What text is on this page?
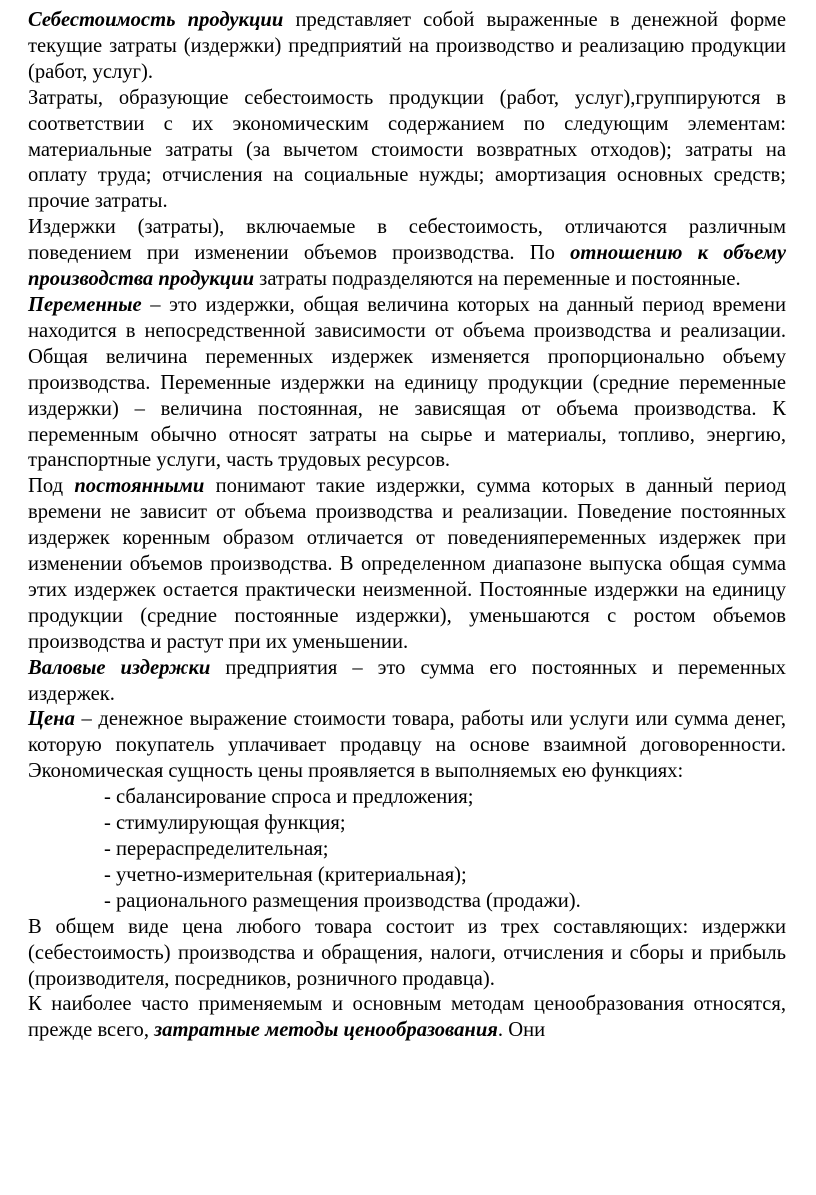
Себестоимость продукции представляет собой выраженные в денежной форме текущие затраты (издержки) предприятий на производство и реализацию продукции (работ, услуг).

Затраты, образующие себестоимость продукции (работ, услуг),группируются в соответствии с их экономическим содержанием по следующим элементам: материальные затраты (за вычетом стоимости возвратных отходов); затраты на оплату труда; отчисления на социальные нужды; амортизация основных средств; прочие затраты.

Издержки (затраты), включаемые в себестоимость, отличаются различным поведением при изменении объемов производства. По отношению к объему производства продукции затраты подразделяются на переменные и постоянные.

Переменные – это издержки, общая величина которых на данный период времени находится в непосредственной зависимости от объема производства и реализации. Общая величина переменных издержек изменяется пропорционально объему производства. Переменные издержки на единицу продукции (средние переменные издержки) – величина постоянная, не зависящая от объема производства. К переменным обычно относят затраты на сырье и материалы, топливо, энергию, транспортные услуги, часть трудовых ресурсов.

Под постоянными понимают такие издержки, сумма которых в данный период времени не зависит от объема производства и реализации. Поведение постоянных издержек коренным образом отличается от поведенияпеременных издержек при изменении объемов производства. В определенном диапазоне выпуска общая сумма этих издержек остается практически неизменной. Постоянные издержки на единицу продукции (средние постоянные издержки), уменьшаются с ростом объемов производства и растут при их уменьшении.

Валовые издержки предприятия – это сумма его постоянных и переменных издержек.

Цена – денежное выражение стоимости товара, работы или услуги или сумма денег, которую покупатель уплачивает продавцу на основе взаимной договоренности. Экономическая сущность цены проявляется в выполняемых ею функциях:

- сбалансирование спроса и предложения;
- стимулирующая функция;
- перераспределительная;
- учетно-измерительная (критериальная);
- рационального размещения производства (продажи).

В общем виде цена любого товара состоит из трех составляющих: издержки (себестоимость) производства и обращения, налоги, отчисления и сборы и прибыль (производителя, посредников, розничного продавца).

К наиболее часто применяемым и основным методам ценообразования относятся, прежде всего, затратные методы ценообразования. Они
